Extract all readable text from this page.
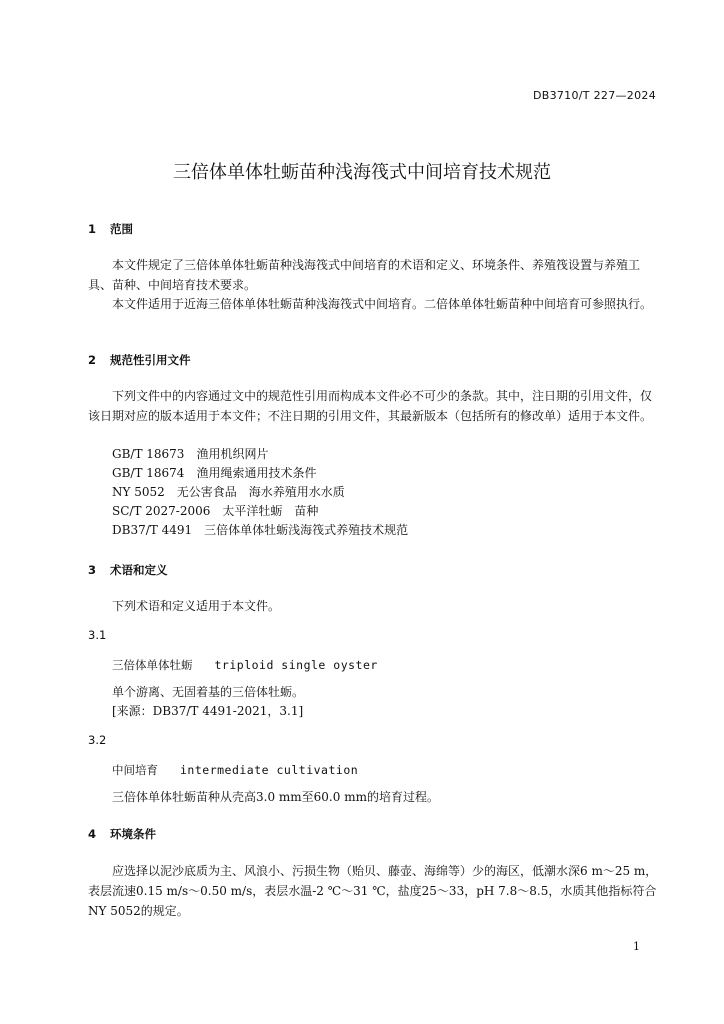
DB3710/T 227—2024
三倍体单体牡蛎苗种浅海筏式中间培育技术规范
1 范围
本文件规定了三倍体单体牡蛎苗种浅海筏式中间培育的术语和定义、环境条件、养殖筏设置与养殖工具、苗种、中间培育技术要求。
本文件适用于近海三倍体单体牡蛎苗种浅海筏式中间培育。二倍体单体牡蛎苗种中间培育可参照执行。
2 规范性引用文件
下列文件中的内容通过文中的规范性引用而构成本文件必不可少的条款。其中，注日期的引用文件，仅该日期对应的版本适用于本文件；不注日期的引用文件，其最新版本（包括所有的修改单）适用于本文件。
GB/T 18673　渔用机织网片
GB/T 18674　渔用绳索通用技术条件
NY 5052　无公害食品　海水养殖用水水质
SC/T 2027-2006　太平洋牡蛎　苗种
DB37/T 4491　三倍体单体牡蛎浅海筏式养殖技术规范
3 术语和定义
下列术语和定义适用于本文件。
3.1
三倍体单体牡蛎 triploid single oyster
单个游离、无固着基的三倍体牡蛎。
[来源：DB37/T 4491-2021，3.1]
3.2
中间培育 intermediate cultivation
三倍体单体牡蛎苗种从壳高3.0 mm至60.0 mm的培育过程。
4 环境条件
应选择以泥沙底质为主、风浪小、污损生物（贻贝、藤壶、海绵等）少的海区，低潮水深6 m～25 m，表层流速0.15 m/s～0.50 m/s，表层水温-2 ℃～31 ℃，盐度25～33，pH 7.8～8.5，水质其他指标符合NY 5052的规定。
1
